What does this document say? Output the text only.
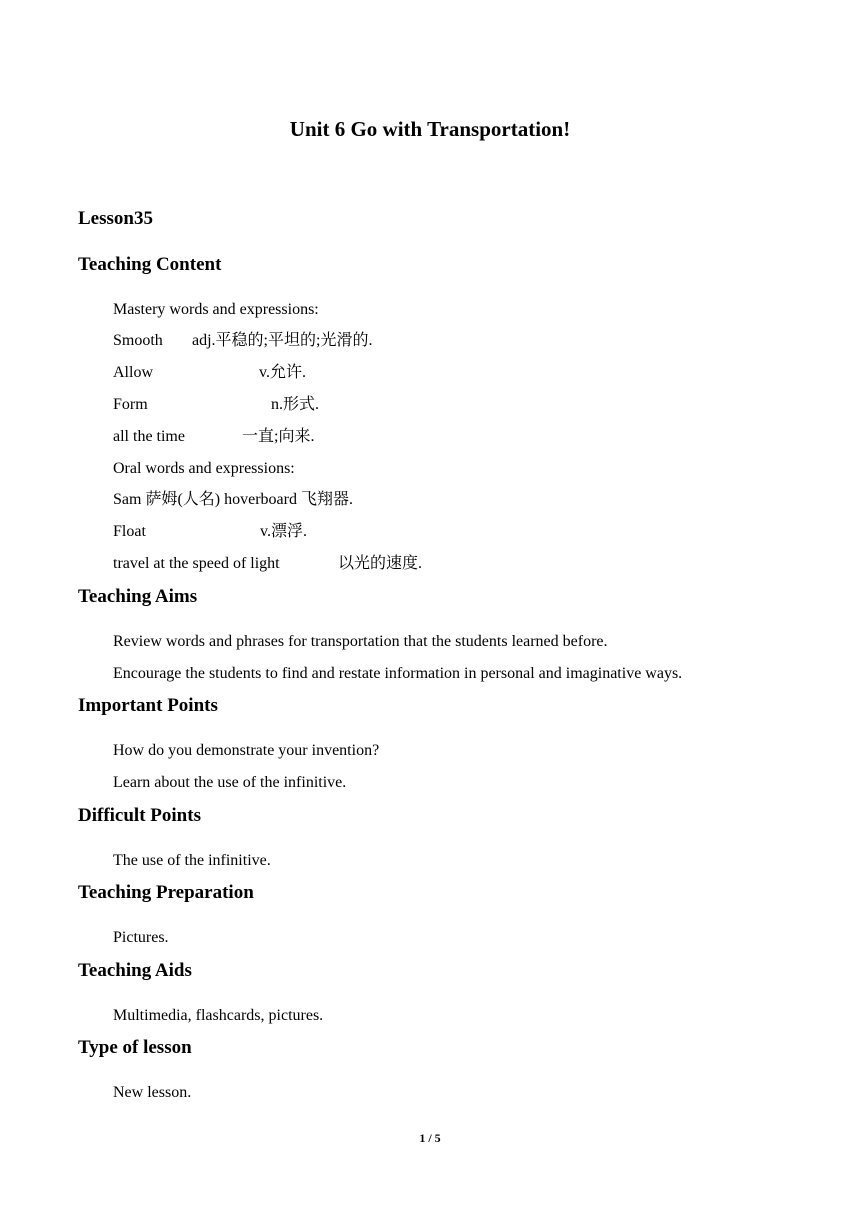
Unit 6 Go with Transportation!
Lesson35
Teaching Content
Mastery words and expressions:
Smooth adj.平稳的;平坦的;光滑的.
Allow	v.允许.
Form	n.形式.
all the time	一直;向来.
Oral words and expressions:
Sam 萨姆(人名) hoverboard 飞翔器.
Float	v.漂浮.
travel at the speed of light	以光的速度.
Teaching Aims
Review words and phrases for transportation that the students learned before.
Encourage the students to find and restate information in personal and imaginative ways.
Important Points
How do you demonstrate your invention?
Learn about the use of the infinitive.
Difficult Points
The use of the infinitive.
Teaching Preparation
Pictures.
Teaching Aids
Multimedia, flashcards, pictures.
Type of lesson
New lesson.
1 / 5
